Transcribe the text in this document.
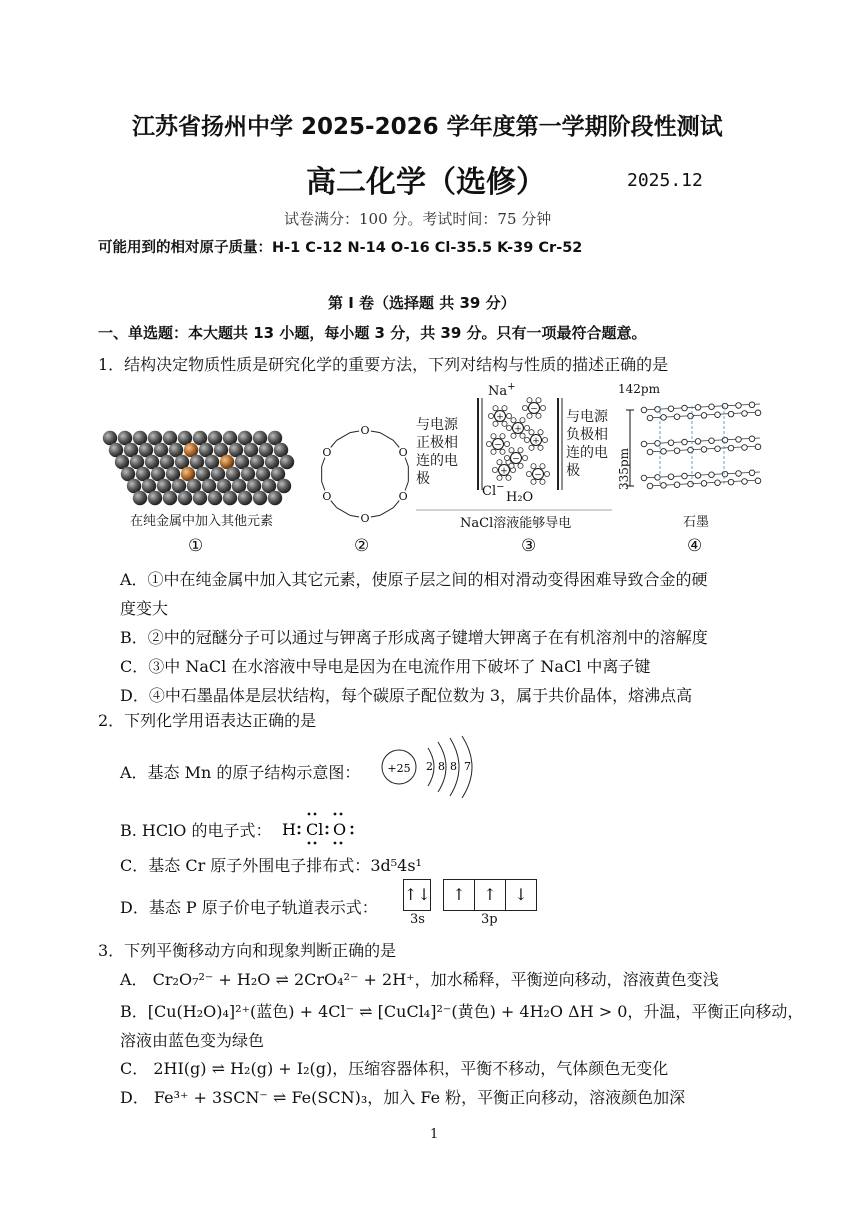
江苏省扬州中学 2025-2026 学年度第一学期阶段性测试
高二化学（选修）	2025.12
试卷满分：100 分。考试时间：75 分钟
可能用到的相对原子质量：H-1 C-12 N-14 O-16 Cl-35.5 K-39 Cr-52
第 I 卷（选择题 共 39 分）
一、单选题：本大题共 13 小题，每小题 3 分，共 39 分。只有一项最符合题意。
1．结构决定物质性质是研究化学的重要方法，下列对结构与性质的描述正确的是
在纯金属中加入其他元素
O
O
O
O
O
O
+
−
−	+
+	−
+
−
与电源
正极相
连的电
极
与电源
负极相
连的电
极
Na+
Cl−
H₂O
NaCl溶液能够导电
142pm
335pm
石墨
①	②	③	④
A．①中在纯金属中加入其它元素，使原子层之间的相对滑动变得困难导致合金的硬
度变大
B．②中的冠醚分子可以通过与钾离子形成离子键增大钾离子在有机溶剂中的溶解度
C．③中 NaCl 在水溶液中导电是因为在电流作用下破坏了 NaCl 中离子键
D．④中石墨晶体是层状结构，每个碳原子配位数为 3，属于共价晶体，熔沸点高
2．下列化学用语表达正确的是
A．基态 Mn 的原子结构示意图： +25 2 8 8 7
B. HClO 的电子式： H Cl O
C．基态 Cr 原子外围电子排布式：3d⁵4s¹
D．基态 P 原子价电子轨道表示式：
↑↓	↑	↑	↓
3s	3p
3．下列平衡移动方向和现象判断正确的是
A． Cr₂O₇²⁻ + H₂O ⇌ 2CrO₄²⁻ + 2H⁺，加水稀释，平衡逆向移动，溶液黄色变浅
B．[Cu(H₂O)₄]²⁺(蓝色) + 4Cl⁻ ⇌ [CuCl₄]²⁻(黄色) + 4H₂O ΔH > 0，升温，平衡正向移动，
溶液由蓝色变为绿色
C． 2HI(g) ⇌ H₂(g) + I₂(g)，压缩容器体积，平衡不移动，气体颜色无变化
D． Fe³⁺ + 3SCN⁻ ⇌ Fe(SCN)₃，加入 Fe 粉，平衡正向移动，溶液颜色加深
1
